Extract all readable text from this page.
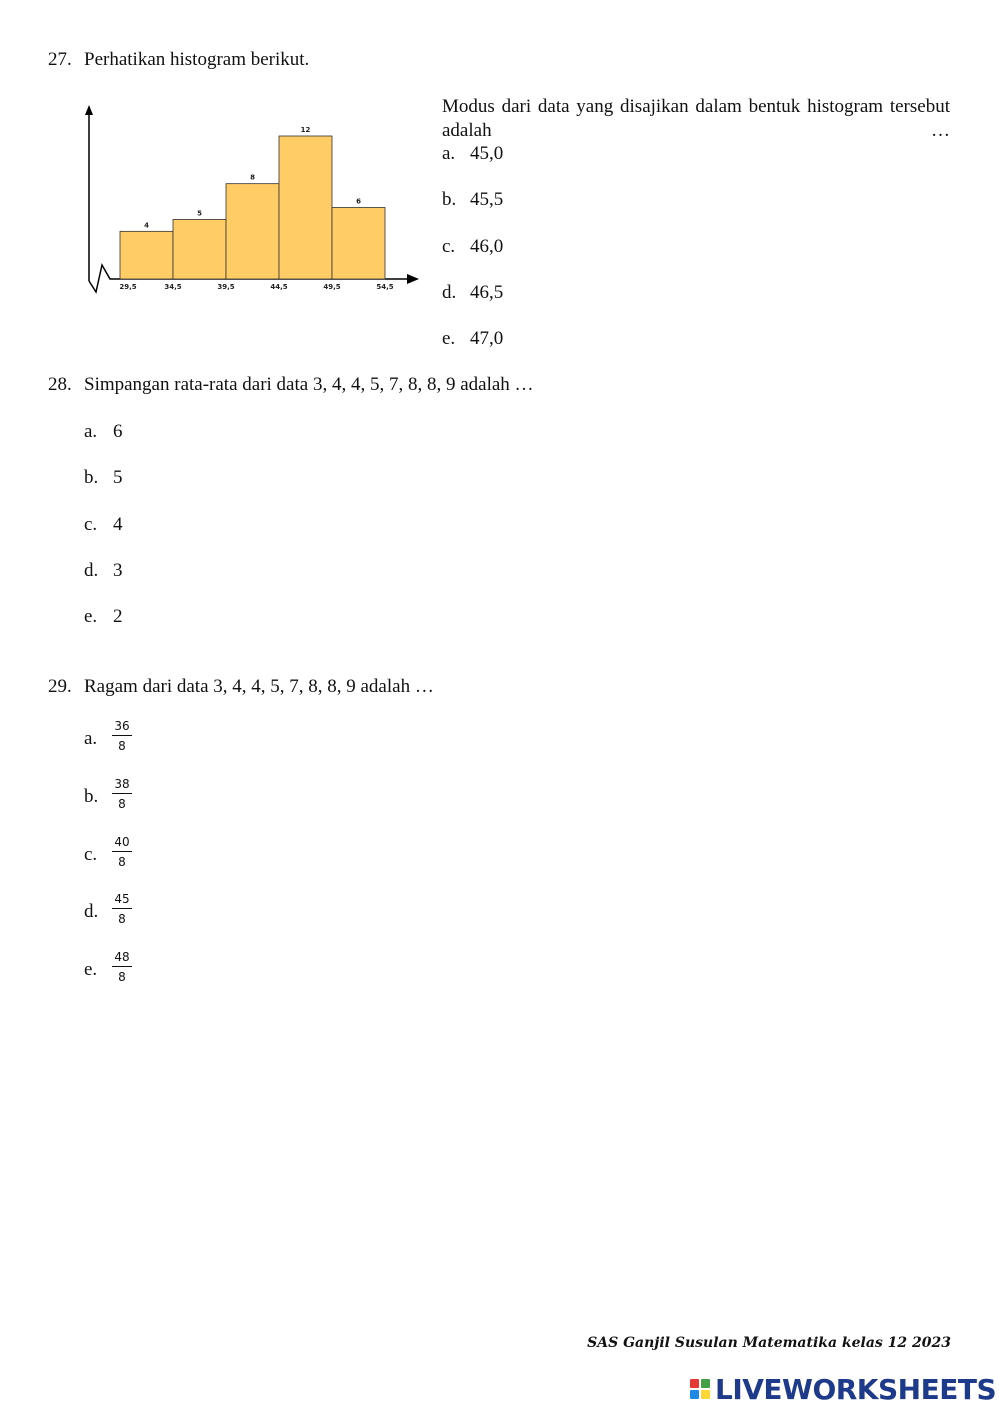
27. Perhatikan histogram berikut.
4
5
8
12
6
29,5	34,5	39,5	44,5	49,5	54,5
Modus dari data yang disajikan dalam bentuk histogram tersebut adalah …
a. 45,0
b. 45,5
c. 46,0
d. 46,5
e. 47,0
28. Simpangan rata-rata dari data 3, 4, 4, 5, 7, 8, 8, 9 adalah …
a. 6
b. 5
c. 4
d. 3
e. 2
29. Ragam dari data 3, 4, 4, 5, 7, 8, 8, 9 adalah …
a.	$\frac{36}{8}$
b.	$\frac{38}{8}$
c.	$\frac{40}{8}$
d.	$\frac{45}{8}$
e.	$\frac{48}{8}$
SAS Ganjil Susulan Matematika kelas 12 2023
LIVEWORKSHEETS
